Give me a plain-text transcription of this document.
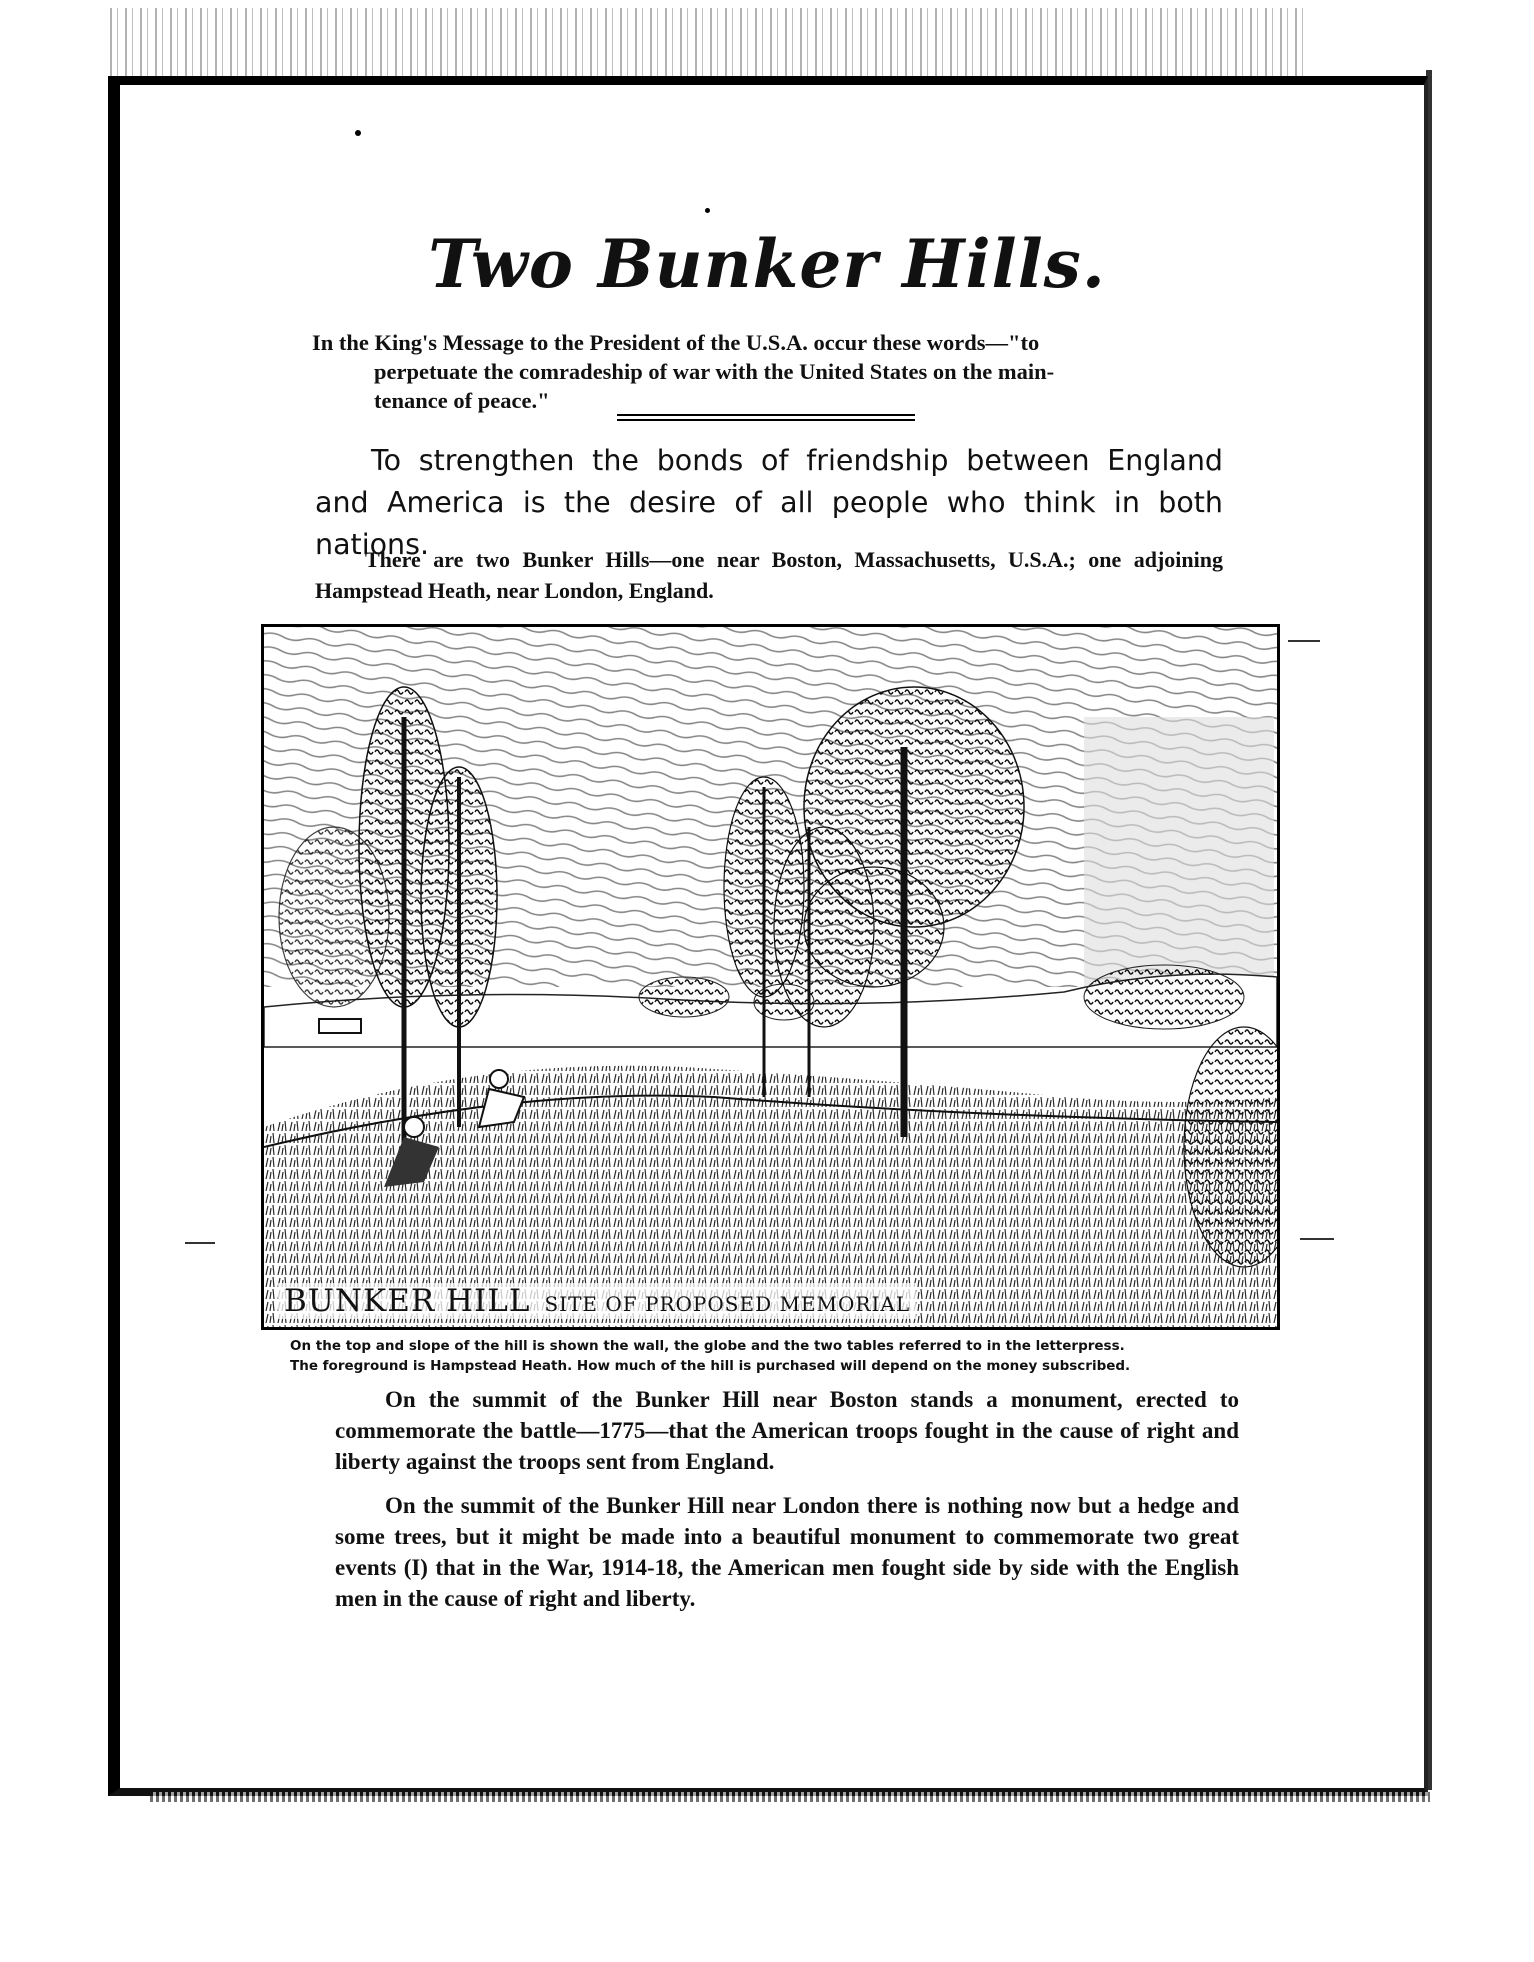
Two Bunker Hills.
In the King's Message to the President of the U.S.A. occur these words—"to
perpetuate the comradeship of war with the United States on the main-
tenance of peace."

To strengthen the bonds of friendship between England and America is the desire of all people who think in both nations.

There are two Bunker Hills—one near Boston, Massachusetts, U.S.A.; one adjoining Hampstead Heath, near London, England.

BUNKER HILL SITE OF PROPOSED MEMORIAL
On the top and slope of the hill is shown the wall, the globe and the two tables referred to in the letterpress.
The foreground is Hampstead Heath. How much of the hill is purchased will depend on the money subscribed.

On the summit of the Bunker Hill near Boston stands a monument, erected to commemorate the battle—1775—that the American troops fought in the cause of right and liberty against the troops sent from England.

On the summit of the Bunker Hill near London there is nothing now but a hedge and some trees, but it might be made into a beautiful monument to commemorate two great events (I) that in the War, 1914-18, the American men fought side by side with the English men in the cause of right and liberty.
